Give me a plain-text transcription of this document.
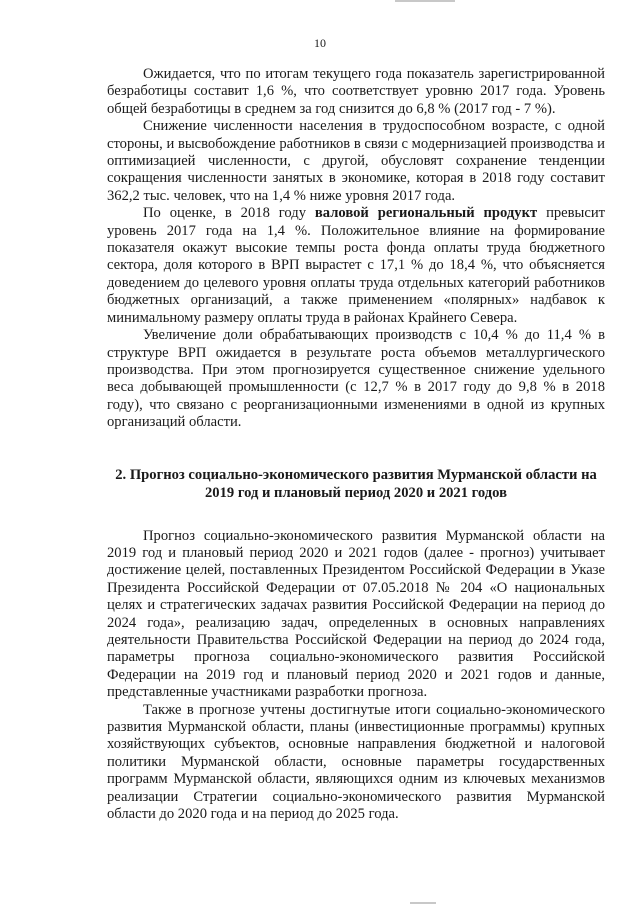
10

Ожидается, что по итогам текущего года показатель зарегистрированной безработицы составит 1,6 %, что соответствует уровню 2017 года. Уровень общей безработицы в среднем за год снизится до 6,8 % (2017 год - 7 %).

Снижение численности населения в трудоспособном возрасте, с одной стороны, и высвобождение работников в связи с модернизацией производства и оптимизацией численности, с другой, обусловят сохранение тенденции сокращения численности занятых в экономике, которая в 2018 году составит 362,2 тыс. человек, что на 1,4 % ниже уровня 2017 года.

По оценке, в 2018 году валовой региональный продукт превысит уровень 2017 года на 1,4 %. Положительное влияние на формирование показателя окажут высокие темпы роста фонда оплаты труда бюджетного сектора, доля которого в ВРП вырастет с 17,1 % до 18,4 %, что объясняется доведением до целевого уровня оплаты труда отдельных категорий работников бюджетных организаций, а также применением «полярных» надбавок к минимальному размеру оплаты труда в районах Крайнего Севера.

Увеличение доли обрабатывающих производств с 10,4 % до 11,4 % в структуре ВРП ожидается в результате роста объемов металлургического производства. При этом прогнозируется существенное снижение удельного веса добывающей промышленности (с 12,7 % в 2017 году до 9,8 % в 2018 году), что связано с реорганизационными изменениями в одной из крупных организаций области.

2. Прогноз социально-экономического развития Мурманской области на 2019 год и плановый период 2020 и 2021 годов

Прогноз социально-экономического развития Мурманской области на 2019 год и плановый период 2020 и 2021 годов (далее - прогноз) учитывает достижение целей, поставленных Президентом Российской Федерации в Указе Президента Российской Федерации от 07.05.2018 № 204 «О национальных целях и стратегических задачах развития Российской Федерации на период до 2024 года», реализацию задач, определенных в основных направлениях деятельности Правительства Российской Федерации на период до 2024 года, параметры прогноза социально-экономического развития Российской Федерации на 2019 год и плановый период 2020 и 2021 годов и данные, представленные участниками разработки прогноза.

Также в прогнозе учтены достигнутые итоги социально-экономического развития Мурманской области, планы (инвестиционные программы) крупных хозяйствующих субъектов, основные направления бюджетной и налоговой политики Мурманской области, основные параметры государственных программ Мурманской области, являющихся одним из ключевых механизмов реализации Стратегии социально-экономического развития Мурманской области до 2020 года и на период до 2025 года.
